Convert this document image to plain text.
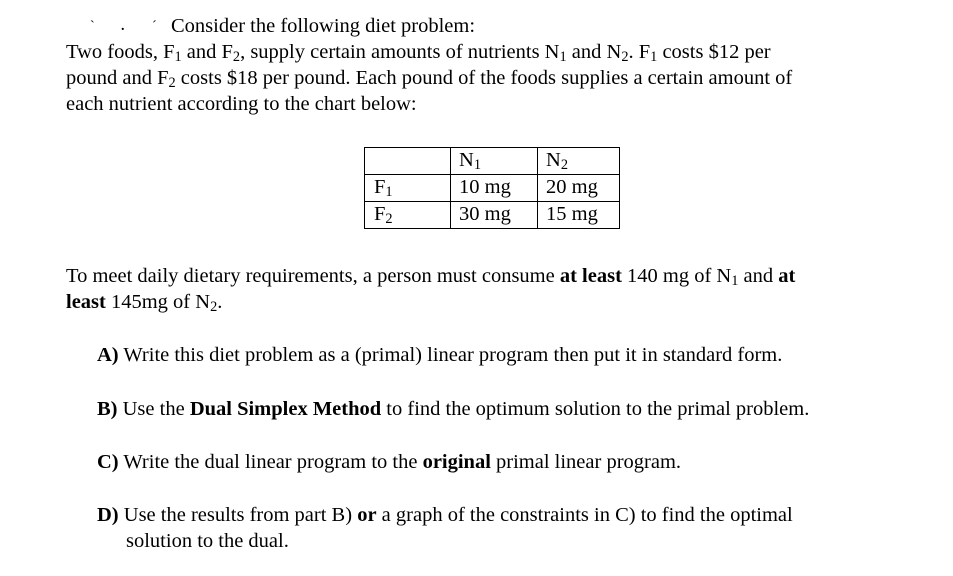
` . ´ Consider the following diet problem:
Two foods, $F_1$ and $F_2$, supply certain amounts of nutrients $N_1$ and $N_2$. $F_1$ costs $12 per
pound and $F_2$ costs $18 per pound. Each pound of the foods supplies a certain amount of
each nutrient according to the chart below:
	$N_1$	$N_2$
$F_1$	10 mg	20 mg
$F_2$	30 mg	15 mg
To meet daily dietary requirements, a person must consume at least 140 mg of $N_1$ and at
least 145mg of $N_2$.
A) Write this diet problem as a (primal) linear program then put it in standard form.
B) Use the Dual Simplex Method to find the optimum solution to the primal problem.
C) Write the dual linear program to the original primal linear program.
D) Use the results from part B) or a graph of the constraints in C) to find the optimal
solution to the dual.
